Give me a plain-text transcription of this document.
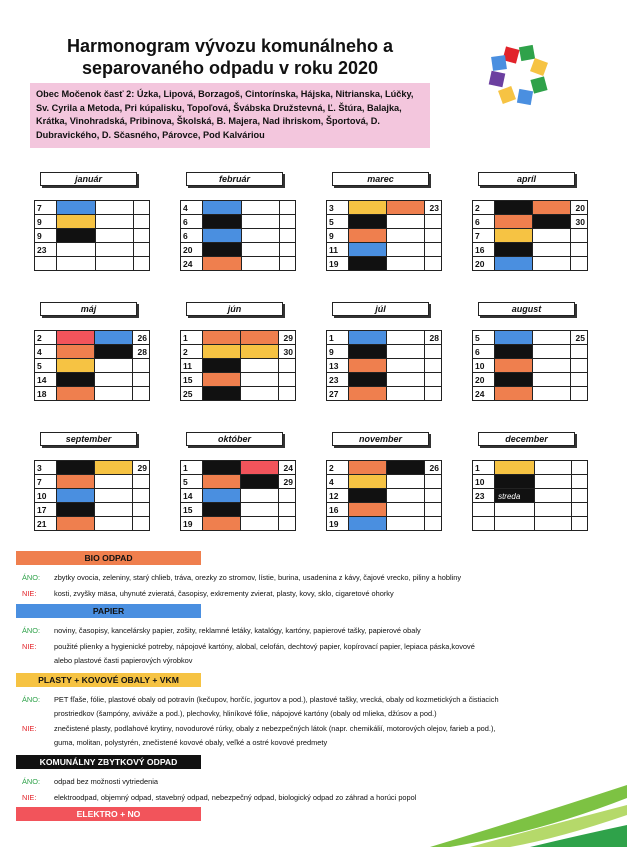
Harmonogram vývozu komunálneho a
separovaného odpadu v roku 2020
Obec Močenok časť 2: Úzka, Lipová, Borzagoš, Cintorínska, Hájska, Nitrianska, Lúčky, Sv. Cyrila a Metoda, Pri kúpalisku, Topoľová, Švábska Družstevná, Ľ. Štúra, Balajka, Krátka, Vinohradská, Pribinova, Školská, B. Majera, Nad ihriskom, Športová, D. Dubravického, D. Sčasného, Párovce, Pod Kalváriou
január
7			
9			
9			
23			

február
4			
6			
6			
20			
24			
marec
3			23
5			
9			
11			
19			
apríl
2			20
6			30
7			
16			
20			
máj
2			26
4			28
5			
14			
18			
jún
1			29
2			30
11			
15			
25			
júl
1			28
9			
13			
23			
27			
august
5			25
6			
10			
20			
24			
september
3			29
7			
10			
17			
21			
október
1			24
5			29
14			
15			
19			
november
2			26
4			
12			
16			
19			
december
1			
10			
23	streda		

BIO ODPAD
ÁNO: zbytky ovocia, zeleniny, starý chlieb, tráva, orezky zo stromov, lístie, burina, usadenina z kávy, čajové vrecko, piliny a hobliny
NIE: kosti, zvyšky mäsa, uhynuté zvieratá, časopisy, exkrementy zvierat, plasty, kovy, sklo, cigaretové ohorky
PAPIER
ÁNO: noviny, časopisy, kancelársky papier, zošity, reklamné letáky, katalógy, kartóny, papierové tašky, papierové obaly
NIE: použité plienky a hygienické potreby, nápojové kartóny, alobal, celofán, dechtový papier, kopírovací papier, lepiaca páska,kovové
alebo plastové časti papierových výrobkov
PLASTY + KOVOVÉ OBALY + VKM
ÁNO: PET fľaše, fólie, plastové obaly od potravín (kečupov, horčíc, jogurtov a pod.), plastové tašky, vrecká, obaly od kozmetických a čistiacich
prostriedkov (šampóny, aviváže a pod.), plechovky, hliníkové fólie, nápojové kartóny (obaly od mlieka, džúsov a pod.)
NIE: znečistené plasty, podlahové krytiny, novodurové rúrky, obaly z nebezpečných látok (napr. chemikálií, motorových olejov, farieb a pod.),
guma, molitan, polystyrén, znečistené kovové obaly, veľké a ostré kovové predmety
KOMUNÁLNY ZBYTKOVÝ ODPAD
ÁNO: odpad bez možnosti vytriedenia
NIE: elektroodpad, objemný odpad, stavebný odpad, nebezpečný odpad, biologický odpad zo záhrad a horúci popol
ELEKTRO + NO
